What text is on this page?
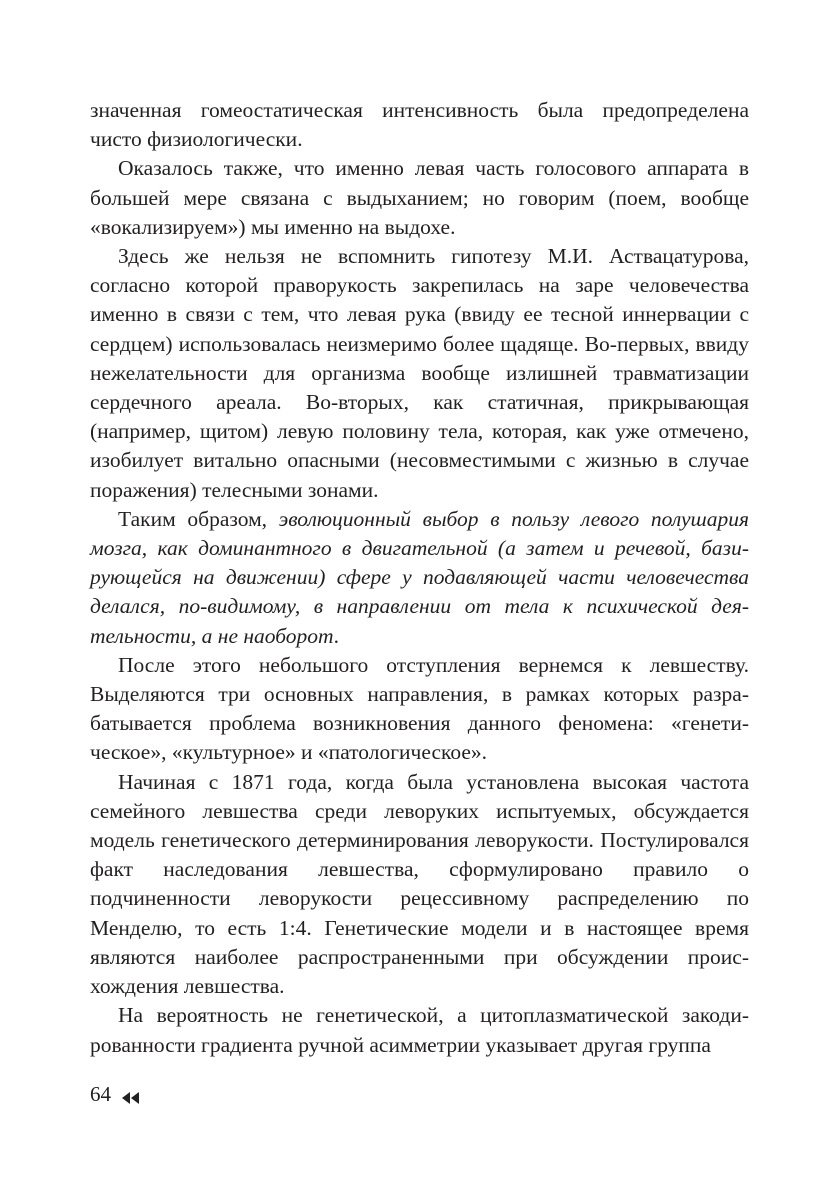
значенная гомеостатическая интенсивность была предопределена чисто физиологически.

Оказалось также, что именно левая часть голосового аппарата в большей мере связана с выдыханием; но говорим (поем, вообще «вокализируем») мы именно на выдохе.

Здесь же нельзя не вспомнить гипотезу М.И. Аствацатурова, согласно которой праворукость закрепилась на заре человечества именно в связи с тем, что левая рука (ввиду ее тесной иннервации с сердцем) использовалась неизмеримо более щадяще. Во-первых, ввиду нежелательности для организма вообще излишней травматизации сердечного ареала. Во-вторых, как статичная, прикрывающая (например, щитом) левую половину тела, которая, как уже отмечено, изобилует витально опасными (несовместимыми с жизнью в случае поражения) телесными зонами.

Таким образом, эволюционный выбор в пользу левого полушария мозга, как доминантного в двигательной (а затем и речевой, базирующейся на движении) сфере у подавляющей части человечества делался, по-видимому, в направлении от тела к психической деятельности, а не наоборот.

После этого небольшого отступления вернемся к левшеству. Выделяются три основных направления, в рамках которых разрабатывается проблема возникновения данного феномена: «генетическое», «культурное» и «патологическое».

Начиная с 1871 года, когда была установлена высокая частота семейного левшества среди леворуких испытуемых, обсуждается модель генетического детерминирования леворукости. Постулировался факт наследования левшества, сформулировано правило о подчиненности леворукости рецессивному распределению по Менделю, то есть 1:4. Генетические модели и в настоящее время являются наиболее распространенными при обсуждении происхождения левшества.

На вероятность не генетической, а цитоплазматической закодированности градиента ручной асимметрии указывает другая группа

64
